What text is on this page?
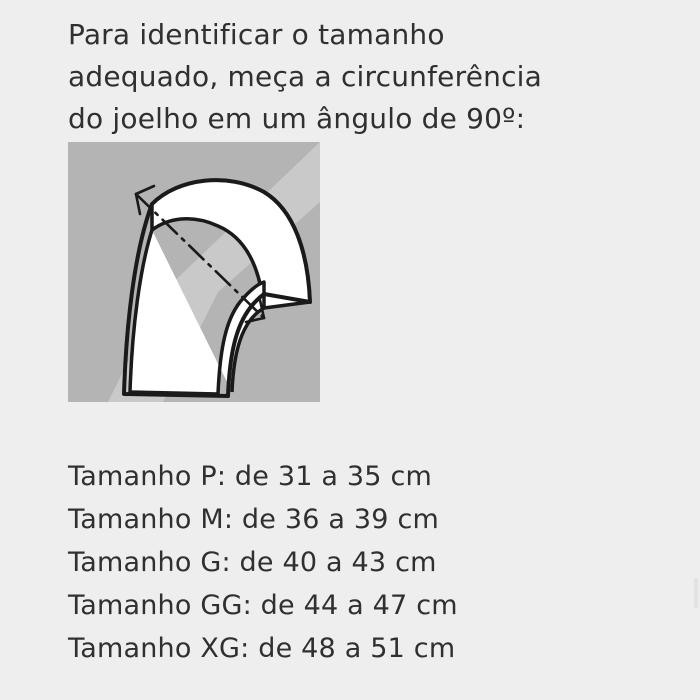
Para identificar o tamanho
adequado, meça a circunferência
do joelho em um ângulo de 90º:
Tamanho P: de 31 a 35 cm
Tamanho M: de 36 a 39 cm
Tamanho G: de 40 a 43 cm
Tamanho GG: de 44 a 47 cm
Tamanho XG: de 48 a 51 cm
